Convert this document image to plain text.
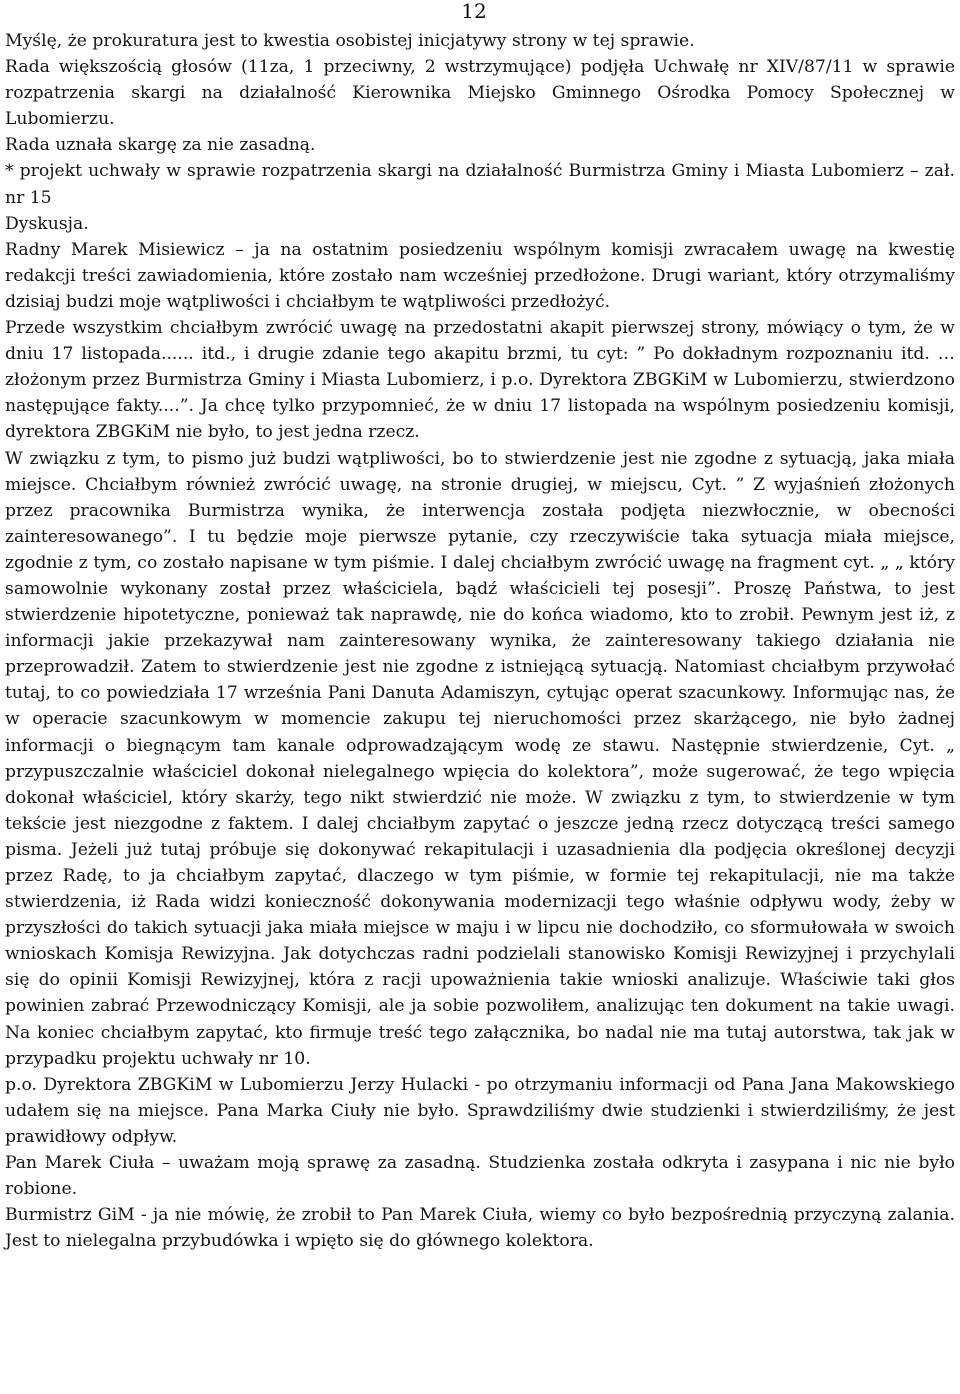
12

Myślę, że prokuratura jest to kwestia osobistej inicjatywy strony w tej sprawie.

Rada większością głosów (11za, 1 przeciwny, 2 wstrzymujące) podjęła Uchwałę nr XIV/87/11 w sprawie rozpatrzenia skargi na działalność Kierownika Miejsko Gminnego Ośrodka Pomocy Społecznej w Lubomierzu.

Rada uznała skargę za nie zasadną.

* projekt uchwały w sprawie rozpatrzenia skargi na działalność Burmistrza Gminy i Miasta Lubomierz – zał. nr 15

Dyskusja.

Radny Marek Misiewicz – ja na ostatnim posiedzeniu wspólnym komisji zwracałem uwagę na kwestię redakcji treści zawiadomienia, które zostało nam wcześniej przedłożone. Drugi wariant, który otrzymaliśmy dzisiaj budzi moje wątpliwości i chciałbym te wątpliwości przedłożyć.

Przede wszystkim chciałbym zwrócić uwagę na przedostatni akapit pierwszej strony, mówiący o tym, że w dniu 17 listopada...... itd., i drugie zdanie tego akapitu brzmi, tu cyt: ” Po dokładnym rozpoznaniu itd. … złożonym przez Burmistrza Gminy i Miasta Lubomierz, i p.o. Dyrektora ZBGKiM w Lubomierzu, stwierdzono następujące fakty....”. Ja chcę tylko przypomnieć, że w dniu 17 listopada na wspólnym posiedzeniu komisji, dyrektora ZBGKiM nie było, to jest jedna rzecz.

W związku z tym, to pismo już budzi wątpliwości, bo to stwierdzenie jest nie zgodne z sytuacją, jaka miała miejsce. Chciałbym również zwrócić uwagę, na stronie drugiej, w miejscu, Cyt. ” Z wyjaśnień złożonych przez pracownika Burmistrza wynika, że interwencja została podjęta niezwłocznie, w obecności zainteresowanego”. I tu będzie moje pierwsze pytanie, czy rzeczywiście taka sytuacja miała miejsce, zgodnie z tym, co zostało napisane w tym piśmie. I dalej chciałbym zwrócić uwagę na fragment cyt. „ „ który samowolnie wykonany został przez właściciela, bądź właścicieli tej posesji”. Proszę Państwa, to jest stwierdzenie hipotetyczne, ponieważ tak naprawdę, nie do końca wiadomo, kto to zrobił. Pewnym jest iż, z informacji jakie przekazywał nam zainteresowany wynika, że zainteresowany takiego działania nie przeprowadził. Zatem to stwierdzenie jest nie zgodne z istniejącą sytuacją. Natomiast chciałbym przywołać tutaj, to co powiedziała 17 września Pani Danuta Adamiszyn, cytując operat szacunkowy. Informując nas, że w operacie szacunkowym w momencie zakupu tej nieruchomości przez skarżącego, nie było żadnej informacji o biegnącym tam kanale odprowadzającym wodę ze stawu. Następnie stwierdzenie, Cyt. „ przypuszczalnie właściciel dokonał nielegalnego wpięcia do kolektora”, może sugerować, że tego wpięcia dokonał właściciel, który skarży, tego nikt stwierdzić nie może. W związku z tym, to stwierdzenie w tym tekście jest niezgodne z faktem. I dalej chciałbym zapytać o jeszcze jedną rzecz dotyczącą treści samego pisma. Jeżeli już tutaj próbuje się dokonywać rekapitulacji i uzasadnienia dla podjęcia określonej decyzji przez Radę, to ja chciałbym zapytać, dlaczego w tym piśmie, w formie tej rekapitulacji, nie ma także stwierdzenia, iż Rada widzi konieczność dokonywania modernizacji tego właśnie odpływu wody, żeby w przyszłości do takich sytuacji jaka miała miejsce w maju i w lipcu nie dochodziło, co sformułowała w swoich wnioskach Komisja Rewizyjna. Jak dotychczas radni podzielali stanowisko Komisji Rewizyjnej i przychylali się do opinii Komisji Rewizyjnej, która z racji upoważnienia takie wnioski analizuje. Właściwie taki głos powinien zabrać Przewodniczący Komisji, ale ja sobie pozwoliłem, analizując ten dokument na takie uwagi. Na koniec chciałbym zapytać, kto firmuje treść tego załącznika, bo nadal nie ma tutaj autorstwa, tak jak w przypadku projektu uchwały nr 10.

p.o. Dyrektora ZBGKiM w Lubomierzu Jerzy Hulacki - po otrzymaniu informacji od Pana Jana Makowskiego udałem się na miejsce. Pana Marka Ciuły nie było. Sprawdziliśmy dwie studzienki i stwierdziliśmy, że jest prawidłowy odpływ.

Pan Marek Ciuła – uważam moją sprawę za zasadną. Studzienka została odkryta i zasypana i nic nie było robione.

Burmistrz GiM - ja nie mówię, że zrobił to Pan Marek Ciuła, wiemy co było bezpośrednią przyczyną zalania. Jest to nielegalna przybudówka i wpięto się do głównego kolektora.
